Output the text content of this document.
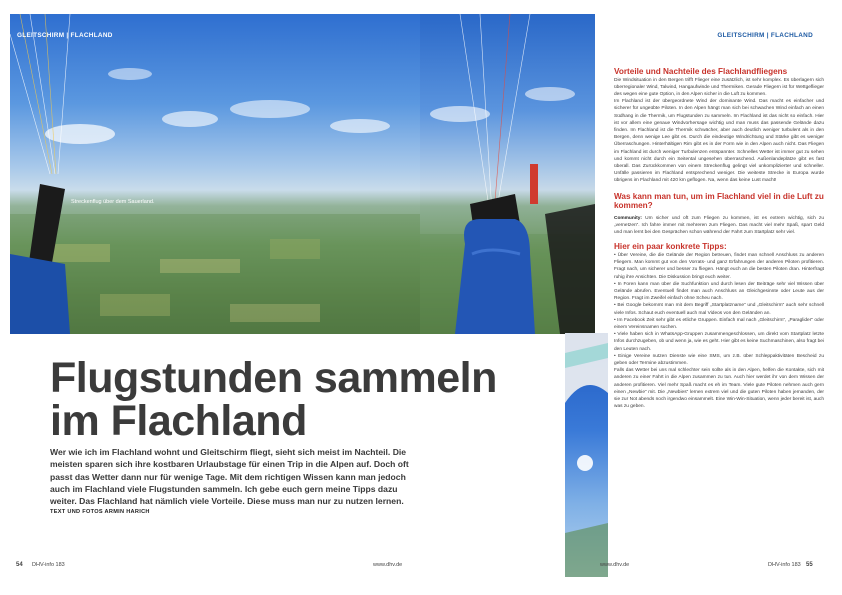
Streckenflug über dem Sauerland.
GLEITSCHIRM | FLACHLAND	GLEITSCHIRM | FLACHLAND
Flugstunden sammeln
im Flachland

Wer wie ich im Flachland wohnt und Gleitschirm fliegt, sieht sich meist im Nachteil. Die meisten sparen sich ihre kostbaren Urlaubstage für einen Trip in die Alpen auf. Doch oft passt das Wetter dann nur für wenige Tage. Mit dem richtigen Wissen kann man jedoch auch im Flachland viele Flugstunden sammeln. Ich gebe euch gern meine Tipps dazu weiter. Das Flachland hat nämlich viele Vorteile. Diese muss man nur zu nutzen lernen.

TEXT UND FOTOS ARMIN HARICH
54 DHV-info 183	www.dhv.de	www.dhv.de	DHV-info 183 55

Vorteile und Nachteile des Flachlandfliegens

Die Windsituation in den Bergen trifft Flieger eine zusätzlich, ist sehr komplex. Es überlagern sich überregionaler Wind, Talwind, Hangaufwinde und Thermiken. Gerade Fliegern ist für Wettgeflieger des wegen eine gute Option, in den Alpen sicher in die Luft zu kommen.

Im Flachland ist der übergeordnete Wind der dominante Wind. Das macht es einfacher und sicherer für ungeübte Piloten. In den Alpen hängt man sich bei schwachen Wind einfach an einen Südhang in die Thermik, um Flugstunden zu sammeln. Im Flachland ist das nicht so einfach. Hier ist vor allem eine genaue Windvorhersage wichtig und man muss das passende Gelände dazu finden. Im Flachland ist die Thermik schwächer, aber auch deutlich weniger turbulent als in den Bergen, denn wenige Lee gibt es. Durch die eindeutige Windrichtung und Stärke gibt es weniger Überraschungen. Hinterhältigen Rim gibt es in der Form wie in den Alpen auch nicht. Das Fliegen im Flachland ist durch weniger Turbulenzen entspannter. Schnelles Wetter ist immer gut zu sehen und kommt nicht durch ein Seitental ungesehen überraschend. Außenlandeplätze gibt es fast überall. Das Zurückkommen von einem Streckenflug gelingt viel unkomplizierter und schneller. Unfälle passieren im Flachland entsprechend weniger. Die weiteste Strecke in Europa wurde übrigens im Flachland mit 420 km geflogen. Na, wenn das keine Lust macht!

Was kann man tun, um im Flachland viel in die Luft zu kommen?

Community: Um sicher und oft zum Fliegen zu kommen, ist es extrem wichtig, sich zu „vernetzen“. Ich fahre immer mit mehreren zum Fliegen. Das macht viel mehr Spaß, spart Geld und man lernt bei den Gesprächen schon während der Fahrt zum Startplatz sehr viel.

Hier ein paar konkrete Tipps:

• Über Vereine, die die Gelände der Region betreuen, findet man schnell Anschluss zu anderen Fliegern. Man kommt gut von den Vorrats- und ganz Erfahrungen der anderen Piloten profitieren. Fragt nach, um sicherer und besser zu fliegen. Hängt euch an die besten Piloten dran. Hinterfragt ruhig ihre Ansichten. Die Diskussion bringt euch weiter.

• In Foren kann man über die Suchfunktion und durch lesen der Beiträge sehr viel Wissen über Gelände abrufen. Eventuell findet man auch Anschluss an Gleichgesinnte oder Leute aus der Region. Fragt im Zweifel einfach ohne Scheu nach.

• Bei Google bekommt man mit dem Begriff „Startplatzname“ und „Gleitschirm“ auch sehr schnell viele Infos. Schaut euch eventuell auch mal Videos von den Geländen an.

• Im Facebook Zeit sehr gibt es etliche Gruppen. Einfach mal nach „Gleitschirm“, „Paraglider“ oder einem Vereinsnamen suchen.

• Viele haben sich in WhatsApp-Gruppen zusammengeschlossen, um direkt vom Startplatz letzte Infos durchzugeben, ob und wenn ja, wie es geht. Hier gibt es keine Suchmaschinen, also fragt bei den Leuten nach.

• Einige Vereine nutzen Dienste wie eine SMS, um z.B. über Schleppaktivitäten Bescheid zu geben oder Termine abzustimmen.

Falls das Wetter bei uns mal schlechter sein sollte als in den Alpen, helfen die Kontakte, sich mit anderen zu einer Fahrt in die Alpen zusammen zu tun. Auch hier werdet ihr von dem Wissen der anderen profitieren. Viel mehr Spaß macht es eh im Team. Viele gute Piloten nehmen auch gern einen „Newbie“ mit. Die „Newbies“ lernen extrem viel und die guten Piloten haben jemanden, der sie zur Not abends noch irgendwo einsammelt. Eine Win-Win-Situation, wenn jeder bereit ist, auch was zu geben.
